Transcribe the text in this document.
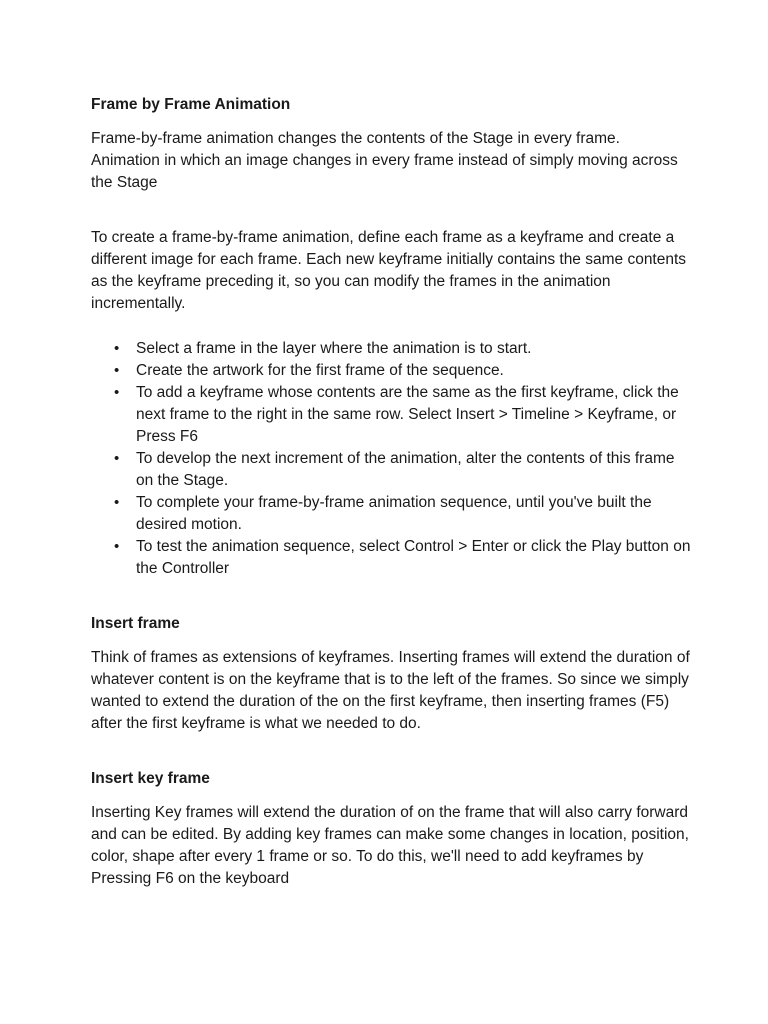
Frame by Frame Animation

Frame-by-frame animation changes the contents of the Stage in every frame. Animation in which an image changes in every frame instead of simply moving across the Stage

To create a frame-by-frame animation, define each frame as a keyframe and create a different image for each frame. Each new keyframe initially contains the same contents as the keyframe preceding it, so you can modify the frames in the animation incrementally.

• Select a frame in the layer where the animation is to start.
• Create the artwork for the first frame of the sequence.
• To add a keyframe whose contents are the same as the first keyframe, click the next frame to the right in the same row. Select Insert > Timeline > Keyframe, or Press F6
• To develop the next increment of the animation, alter the contents of this frame on the Stage.
• To complete your frame-by-frame animation sequence, until you've built the desired motion.
• To test the animation sequence, select Control > Enter or click the Play button on the Controller

Insert frame

Think of frames as extensions of keyframes. Inserting frames will extend the duration of whatever content is on the keyframe that is to the left of the frames. So since we simply wanted to extend the duration of the on the first keyframe, then inserting frames (F5) after the first keyframe is what we needed to do.

Insert key frame

Inserting Key frames will extend the duration of on the frame that will also carry forward and can be edited. By adding key frames can make some changes in location, position, color, shape after every 1 frame or so. To do this, we'll need to add keyframes by Pressing F6 on the keyboard
